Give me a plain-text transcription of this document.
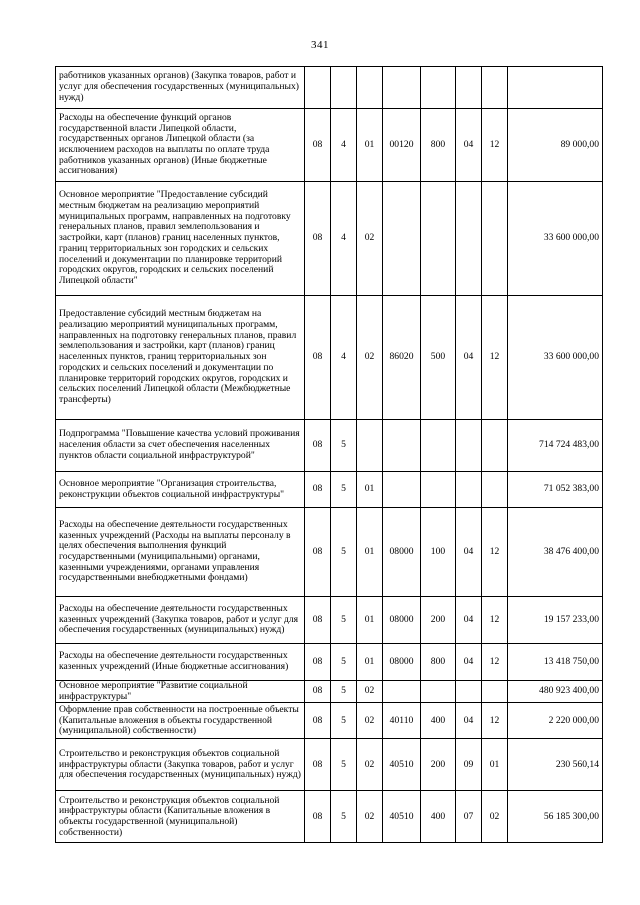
341
работников указанных органов) (Закупка товаров, работ и услуг для обеспечения государственных (муниципальных) нужд)								
Расходы на обеспечение функций органов государственной власти Липецкой области, государственных органов Липецкой области (за исключением расходов на выплаты по оплате труда работников указанных органов) (Иные бюджетные ассигнования)	08	4	01	00120	800	04	12	89 000,00
Основное мероприятие "Предоставление субсидий местным бюджетам на реализацию мероприятий муниципальных программ, направленных на подготовку генеральных планов, правил землепользования и застройки, карт (планов) границ населенных пунктов, границ территориальных зон городских и сельских поселений и документации по планировке территорий городских округов, городских и сельских поселений Липецкой области"	08	4	02					33 600 000,00
Предоставление субсидий местным бюджетам на реализацию мероприятий муниципальных программ, направленных на подготовку генеральных планов, правил землепользования и застройки, карт (планов) границ населенных пунктов, границ территориальных зон городских и сельских поселений и документации по планировке территорий городских округов, городских и сельских поселений Липецкой области (Межбюджетные трансферты)	08	4	02	86020	500	04	12	33 600 000,00
Подпрограмма "Повышение качества условий проживания населения области за счет обеспечения населенных пунктов области социальной инфраструктурой"	08	5						714 724 483,00
Основное мероприятие "Организация строительства, реконструкции объектов социальной инфраструктуры"	08	5	01					71 052 383,00
Расходы на обеспечение деятельности государственных казенных учреждений (Расходы на выплаты персоналу в целях обеспечения выполнения функций государственными (муниципальными) органами, казенными учреждениями, органами управления государственными внебюджетными фондами)	08	5	01	08000	100	04	12	38 476 400,00
Расходы на обеспечение деятельности государственных казенных учреждений (Закупка товаров, работ и услуг для обеспечения государственных (муниципальных) нужд)	08	5	01	08000	200	04	12	19 157 233,00
Расходы на обеспечение деятельности государственных казенных учреждений (Иные бюджетные ассигнования)	08	5	01	08000	800	04	12	13 418 750,00
Основное мероприятие "Развитие социальной инфраструктуры"	08	5	02					480 923 400,00
Оформление прав собственности на построенные объекты (Капитальные вложения в объекты государственной (муниципальной) собственности)	08	5	02	40110	400	04	12	2 220 000,00
Строительство и реконструкция объектов социальной инфраструктуры области (Закупка товаров, работ и услуг для обеспечения государственных (муниципальных) нужд)	08	5	02	40510	200	09	01	230 560,14
Строительство и реконструкция объектов социальной инфраструктуры области (Капитальные вложения в объекты государственной (муниципальной) собственности)	08	5	02	40510	400	07	02	56 185 300,00
